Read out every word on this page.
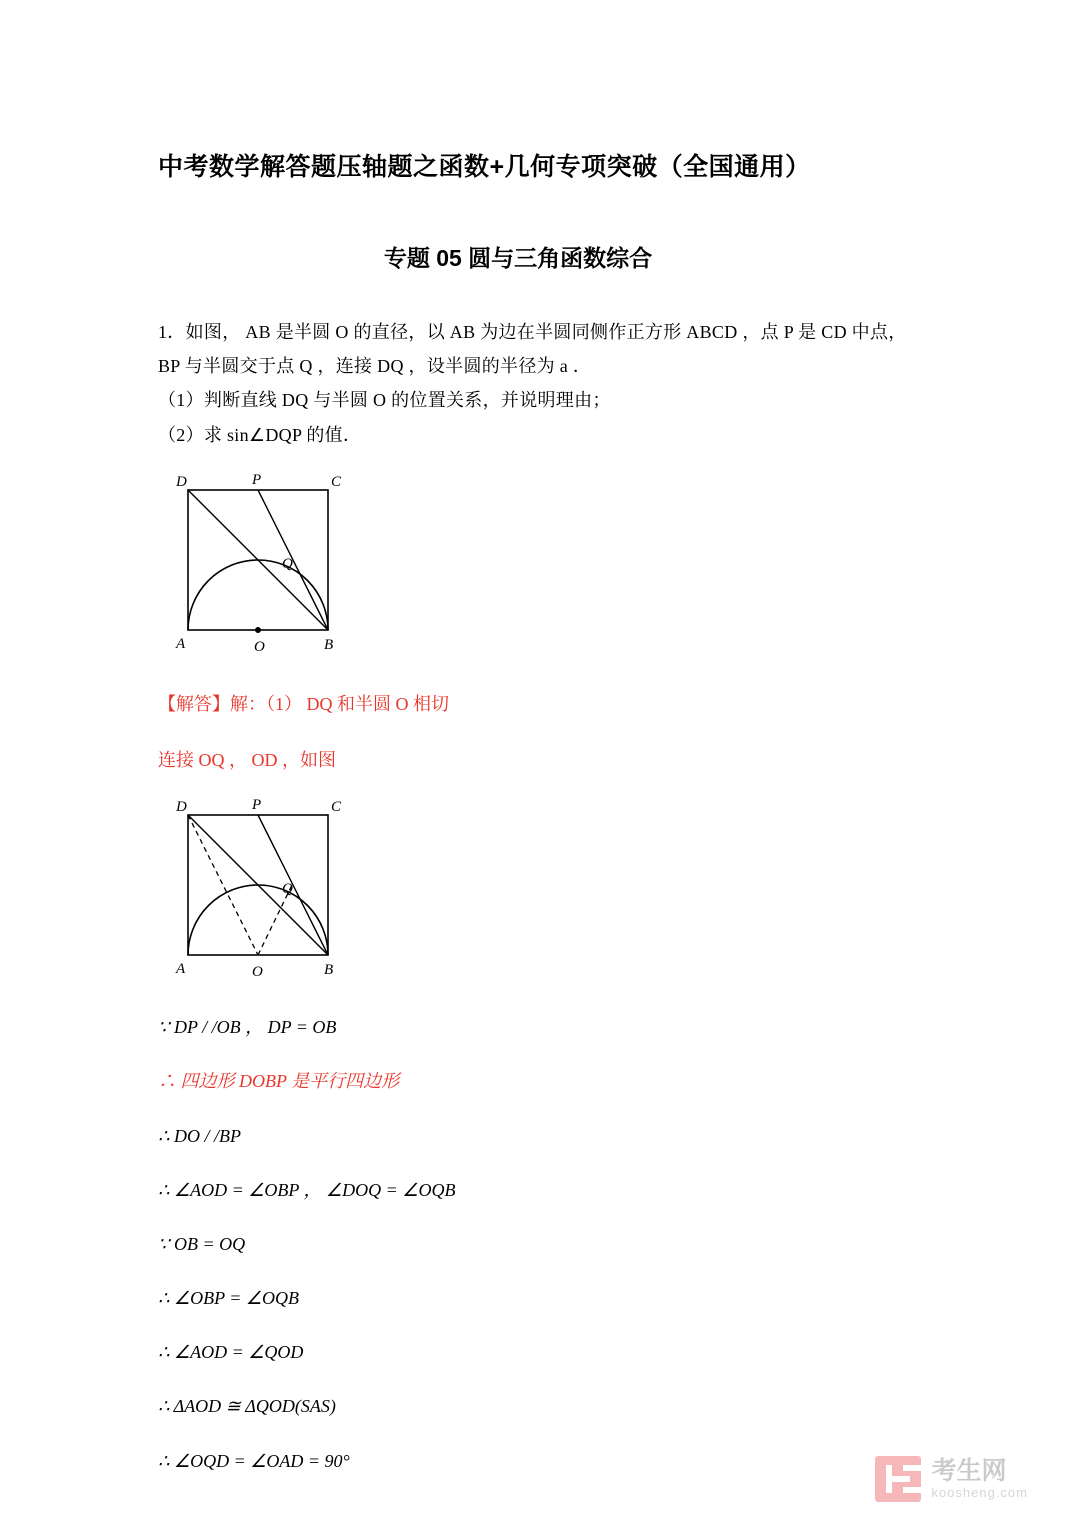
中考数学解答题压轴题之函数+几何专项突破（全国通用）
专题 05 圆与三角函数综合

1．如图， AB 是半圆 O 的直径，以 AB 为边在半圆同侧作正方形 ABCD ，点 P 是 CD 中点，

BP 与半圆交于点 Q ，连接 DQ ，设半圆的半径为 a ．

（1）判断直线 DQ 与半圆 O 的位置关系，并说明理由；

（2）求 sin∠DQP 的值．

A	O	B
C
D	P
Q

【解答】解：（1） DQ 和半圆 O 相切

连接 OQ ， OD ，如图

A	O	B
C
D	P
Q

∵ DP / /OB ， DP = OB

∴ 四边形 DOBP 是平行四边形

∴ DO / /BP

∴ ∠AOD = ∠OBP ， ∠DOQ = ∠OQB

∵ OB = OQ

∴ ∠OBP = ∠OQB

∴ ∠AOD = ∠QOD

∴ ΔAOD ≅ ΔQOD(SAS)

∴ ∠OQD = ∠OAD = 90°	考生网
koosheng.com
